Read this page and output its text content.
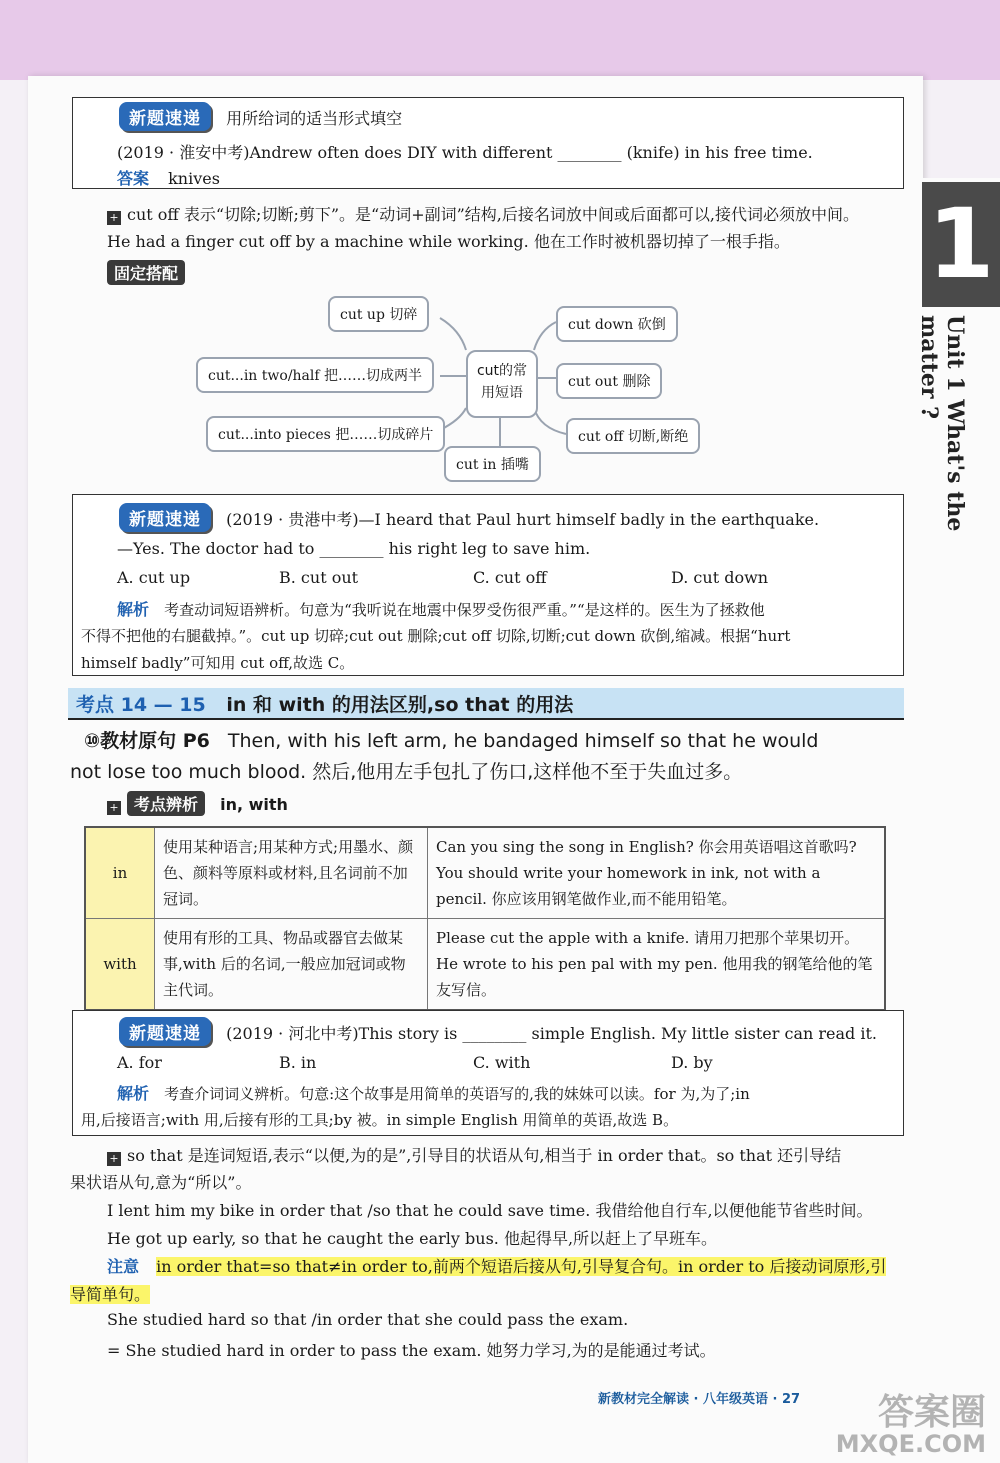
1
Unit 1 What's the matter ?
新题速递 用所给词的适当形式填空
(2019 · 淮安中考)Andrew often does DIY with different ________ (knife) in his free time.
答案 knives
+ cut off 表示“切除;切断;剪下”。是“动词+副词”结构,后接名词放中间或后面都可以,接代词必须放中间。
He had a finger cut off by a machine while working. 他在工作时被机器切掉了一根手指。
固定搭配
cut up 切碎
cut down 砍倒
cut...in two/half 把……切成两半	cut out 删除
cut...into pieces 把……切成碎片	cut off 切断,断绝
cut in 插嘴
cut的常
用短语
新题速递 (2019 · 贵港中考)—I heard that Paul hurt himself badly in the earthquake.
—Yes. The doctor had to ________ his right leg to save him.
A. cut up	B. cut out	C. cut off	D. cut down
解析 考查动词短语辨析。句意为“我听说在地震中保罗受伤很严重。”“是这样的。医生为了拯救他
不得不把他的右腿截掉。”。cut up 切碎;cut out 删除;cut off 切除,切断;cut down 砍倒,缩减。根据“hurt
himself badly”可知用 cut off,故选 C。
考点 14 — 15 in 和 with 的用法区别,so that 的用法
⑩教材原句 P6 Then, with his left arm, he bandaged himself so that he would
not lose too much blood. 然后,他用左手包扎了伤口,这样他不至于失血过多。
+ 考点辨析 in, with
in	使用某种语言;用某种方式;用墨水、颜色、颜料等原料或材料,且名词前不加冠词。	Can you sing the song in English? 你会用英语唱这首歌吗? You should write your homework in ink, not with a pencil. 你应该用钢笔做作业,而不能用铅笔。
with	使用有形的工具、物品或器官去做某事,with 后的名词,一般应加冠词或物主代词。	Please cut the apple with a knife. 请用刀把那个苹果切开。 He wrote to his pen pal with my pen. 他用我的钢笔给他的笔友写信。
新题速递 (2019 · 河北中考)This story is ________ simple English. My little sister can read it.
A. for	B. in	C. with	D. by
解析 考查介词词义辨析。句意:这个故事是用简单的英语写的,我的妹妹可以读。for 为,为了;in
用,后接语言;with 用,后接有形的工具;by 被。in simple English 用简单的英语,故选 B。
+ so that 是连词短语,表示“以便,为的是”,引导目的状语从句,相当于 in order that。so that 还引导结
果状语从句,意为“所以”。
I lent him my bike in order that /so that he could save time. 我借给他自行车,以便他能节省些时间。
He got up early, so that he caught the early bus. 他起得早,所以赶上了早班车。
注意 in order that=so that≠in order to,前两个短语后接从句,引导复合句。in order to 后接动词原形,引
导简单句。
She studied hard so that /in order that she could pass the exam.
= She studied hard in order to pass the exam. 她努力学习,为的是能通过考试。
新教材完全解读 · 八年级英语 · 27 答案圈
MXQE.COM
